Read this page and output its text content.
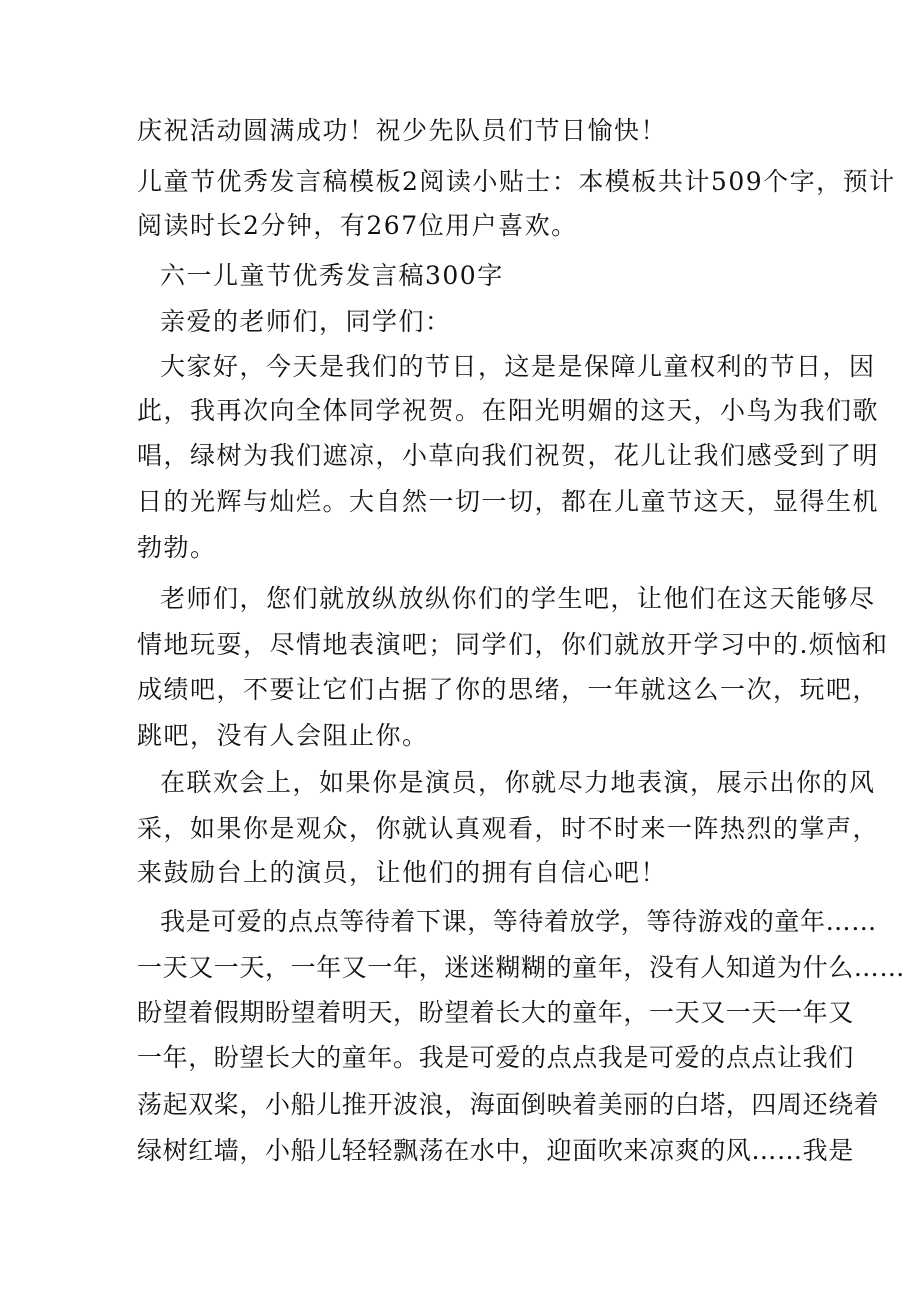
庆祝活动圆满成功！祝少先队员们节日愉快！
儿童节优秀发言稿模板2阅读小贴士：本模板共计509个字，预计
阅读时长2分钟，有267位用户喜欢。
六一儿童节优秀发言稿300字
亲爱的老师们，同学们：
大家好，今天是我们的节日，这是是保障儿童权利的节日，因
此，我再次向全体同学祝贺。在阳光明媚的这天，小鸟为我们歌
唱，绿树为我们遮凉，小草向我们祝贺，花儿让我们感受到了明
日的光辉与灿烂。大自然一切一切，都在儿童节这天，显得生机
勃勃。
老师们，您们就放纵放纵你们的学生吧，让他们在这天能够尽
情地玩耍，尽情地表演吧；同学们，你们就放开学习中的.烦恼和
成绩吧，不要让它们占据了你的思绪，一年就这么一次，玩吧，
跳吧，没有人会阻止你。
在联欢会上，如果你是演员，你就尽力地表演，展示出你的风
采，如果你是观众，你就认真观看，时不时来一阵热烈的掌声，
来鼓励台上的演员，让他们的拥有自信心吧！
我是可爱的点点等待着下课，等待着放学，等待游戏的童年……
一天又一天，一年又一年，迷迷糊糊的童年，没有人知道为什么……
盼望着假期盼望着明天，盼望着长大的童年，一天又一天一年又
一年，盼望长大的童年。我是可爱的点点我是可爱的点点让我们
荡起双桨，小船儿推开波浪，海面倒映着美丽的白塔，四周还绕着
绿树红墙，小船儿轻轻飘荡在水中，迎面吹来凉爽的风……我是
